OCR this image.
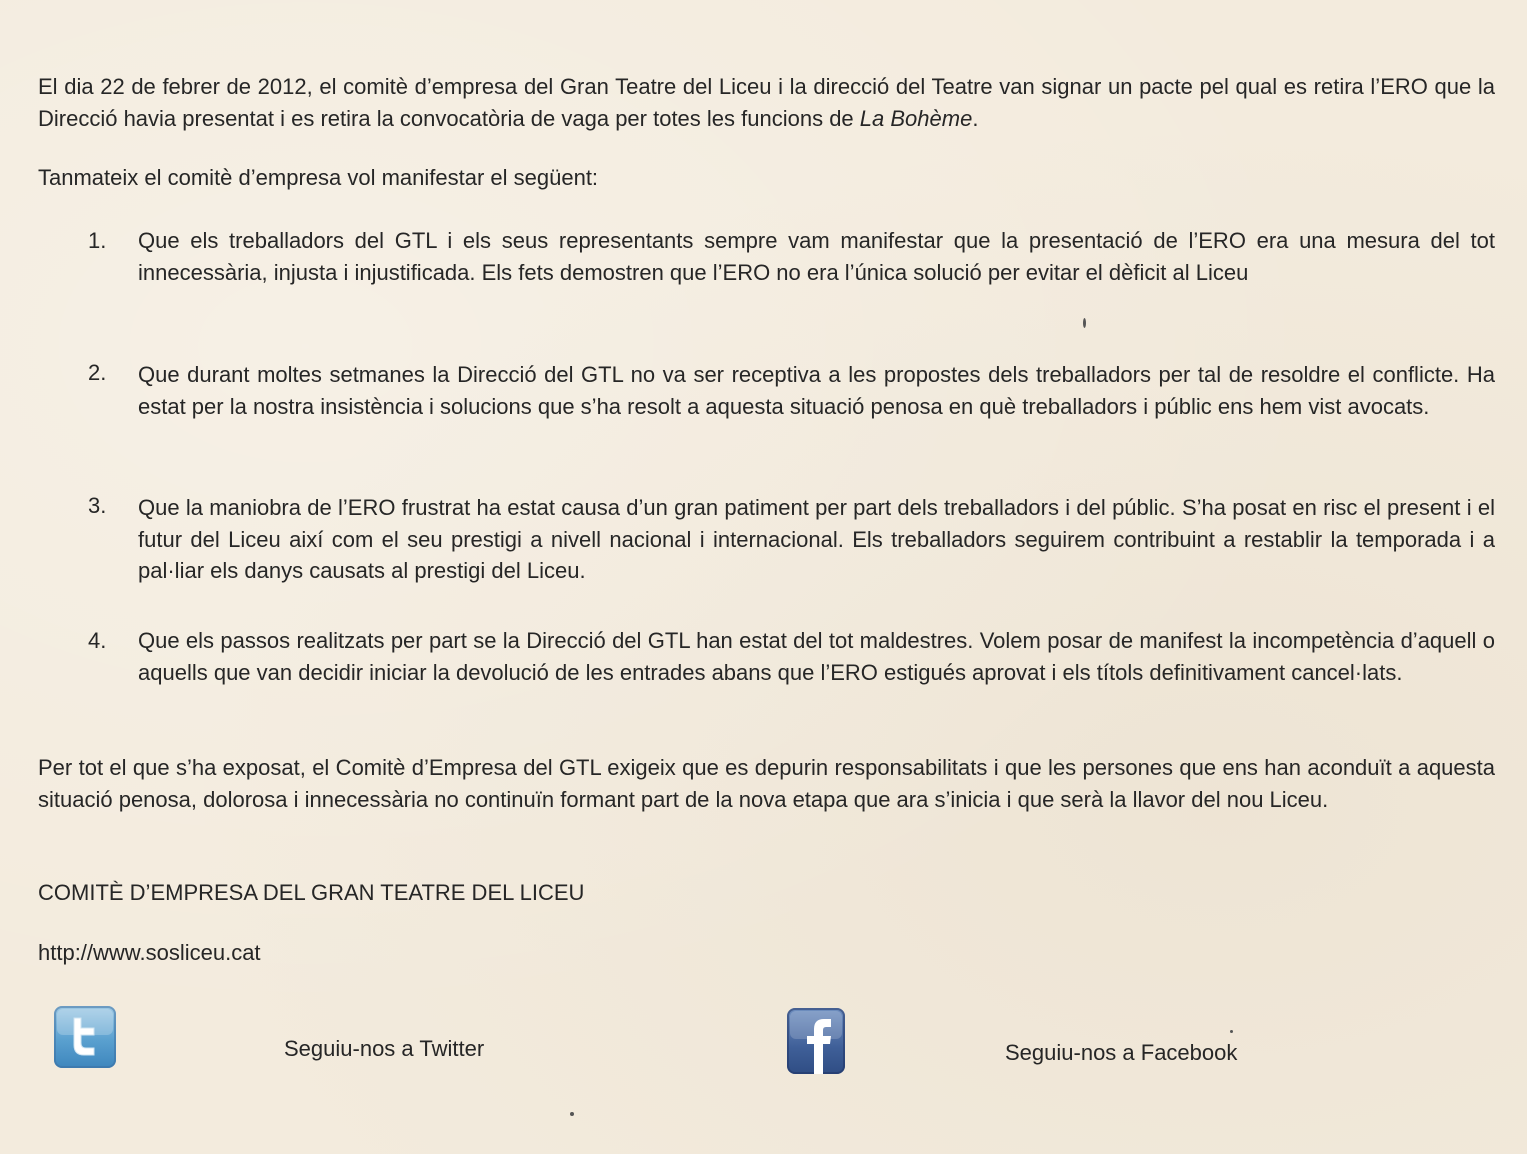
El dia 22 de febrer de 2012, el comitè d’empresa del Gran Teatre del Liceu i la direcció del Teatre van signar un pacte pel qual es retira l’ERO que la Direcció havia presentat i es retira la convocatòria de vaga per totes les funcions de La Bohème.
Tanmateix el comitè d’empresa vol manifestar el següent:
1.	Que els treballadors del GTL i els seus representants sempre vam manifestar que la presentació de l’ERO era una mesura del tot innecessària, injusta i injustificada. Els fets demostren que l’ERO no era l’única solució per evitar el dèficit al Liceu
2.	Que durant moltes setmanes la Direcció del GTL no va ser receptiva a les propostes dels treballadors per tal de resoldre el conflicte. Ha estat per la nostra insistència i solucions que s’ha resolt a aquesta situació penosa en què treballadors i públic ens hem vist avocats.
3.	Que la maniobra de l’ERO frustrat ha estat causa d’un gran patiment per part dels treballadors i del públic. S’ha posat en risc el present i el futur del Liceu així com el seu prestigi a nivell nacional i internacional. Els treballadors seguirem contribuint a restablir la temporada i a pal·liar els danys causats al prestigi del Liceu.
4.	Que els passos realitzats per part se la Direcció del GTL han estat del tot maldestres. Volem posar de manifest la incompetència d’aquell o aquells que van decidir iniciar la devolució de les entrades abans que l’ERO estigués aprovat i els títols definitivament cancel·lats.
Per tot el que s’ha exposat, el Comitè d’Empresa del GTL exigeix que es depurin responsabilitats i que les persones que ens han aconduït a aquesta situació penosa, dolorosa i innecessària no continuïn formant part de la nova etapa que ara s’inicia i que serà la llavor del nou Liceu.
COMITÈ D’EMPRESA DEL GRAN TEATRE DEL LICEU
http://www.sosliceu.cat
Seguiu-nos a Twitter	Seguiu-nos a Facebook
